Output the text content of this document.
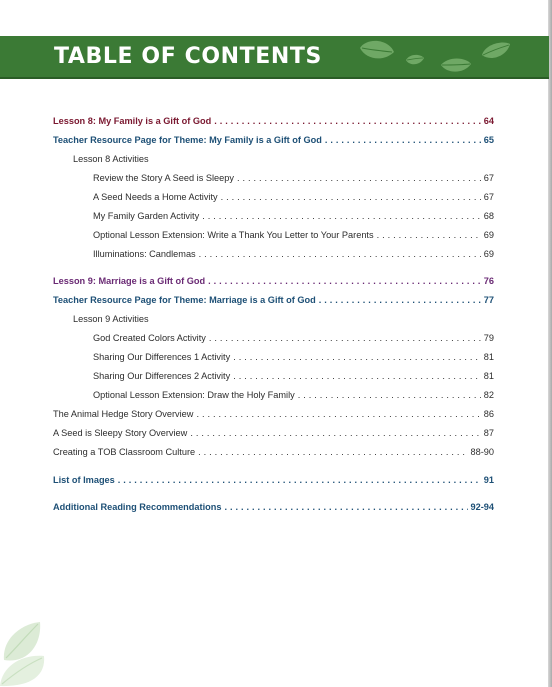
TABLE OF CONTENTS
Lesson 8: My Family is a Gift of God . . .	64
Teacher Resource Page for Theme: My Family is a Gift of God . . .	65
Lesson 8 Activities
Review the Story A Seed is Sleepy . . .	67
A Seed Needs a Home Activity . . .	67
My Family Garden Activity . . .	68
Optional Lesson Extension: Write a Thank You Letter to Your Parents . . .	69
Illuminations: Candlemas . . .	69
Lesson 9: Marriage is a Gift of God . . .	76
Teacher Resource Page for Theme: Marriage is a Gift of God . . .	77
Lesson 9 Activities
God Created Colors Activity . . .	79
Sharing Our Differences 1 Activity . . .	81
Sharing Our Differences 2 Activity . . .	81
Optional Lesson Extension: Draw the Holy Family . . .	82
The Animal Hedge Story Overview . . .	86
A Seed is Sleepy Story Overview . . .	87
Creating a TOB Classroom Culture . . .	88-90
List of Images . . .	91
Additional Reading Recommendations . . .	92-94
